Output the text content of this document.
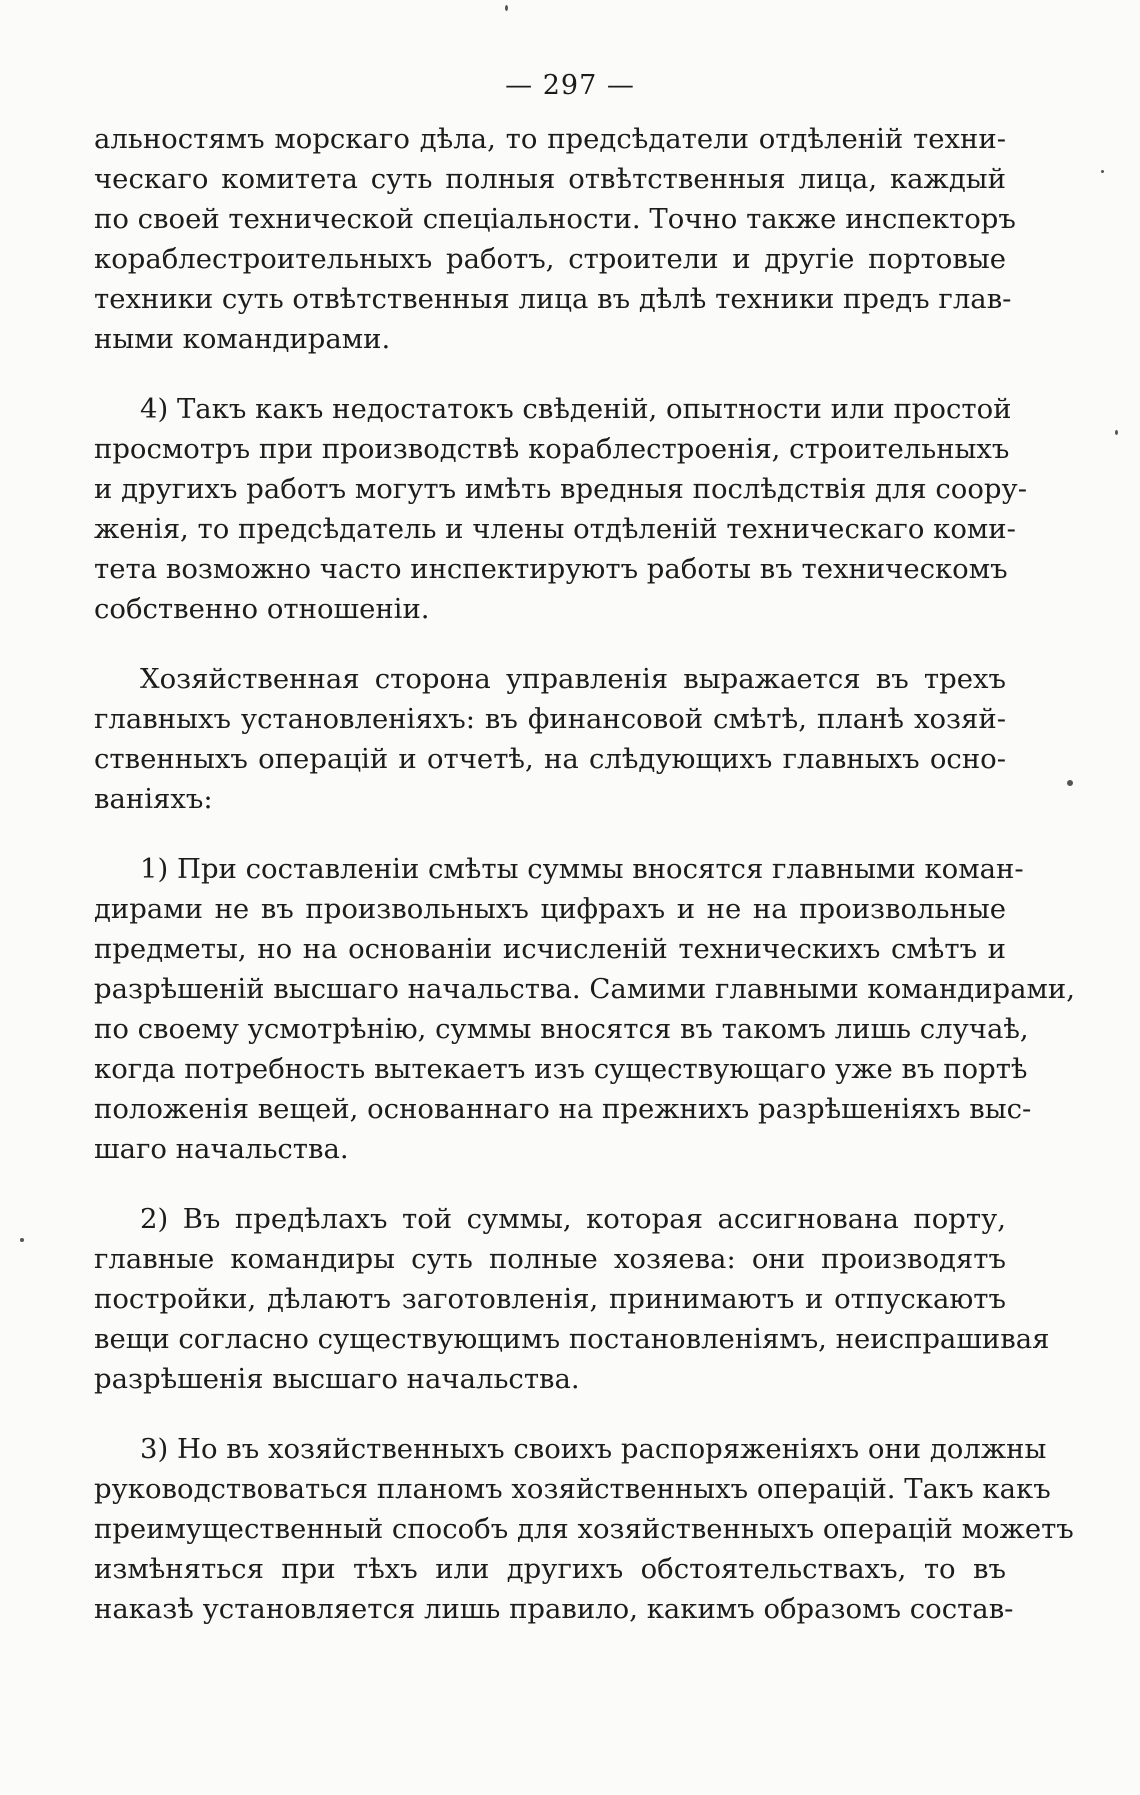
— 297 —
альностямъ морскаго дѣла, то предсѣдатели отдѣленій техни-
ческаго комитета суть полныя отвѣтственныя лица, каждый
по своей технической спеціальности. Точно также инспекторъ
кораблестроительныхъ работъ, строители и другіе портовые
техники суть отвѣтственныя лица въ дѣлѣ техники предъ глав-
ными командирами.
4) Такъ какъ недостатокъ свѣденій, опытности или простой
просмотръ при производствѣ кораблестроенія, строительныхъ
и другихъ работъ могутъ имѣть вредныя послѣдствія для соору-
женія, то предсѣдатель и члены отдѣленій техническаго коми-
тета возможно часто инспектируютъ работы въ техническомъ
собственно отношеніи.
Хозяйственная сторона управленія выражается въ трехъ
главныхъ установленіяхъ: въ финансовой смѣтѣ, планѣ хозяй-
ственныхъ операцій и отчетѣ, на слѣдующихъ главныхъ осно-
ваніяхъ:
1) При составленіи смѣты суммы вносятся главными коман-
дирами не въ произвольныхъ цифрахъ и не на произвольные
предметы, но на основаніи исчисленій техническихъ смѣтъ и
разрѣшеній высшаго начальства. Самими главными командирами,
по своему усмотрѣнію, суммы вносятся въ такомъ лишь случаѣ,
когда потребность вытекаетъ изъ существующаго уже въ портѣ
положенія вещей, основаннаго на прежнихъ разрѣшеніяхъ выс-
шаго начальства.
2) Въ предѣлахъ той суммы, которая ассигнована порту,
главные командиры суть полные хозяева: они производятъ
постройки, дѣлаютъ заготовленія, принимаютъ и отпускаютъ
вещи согласно существующимъ постановленіямъ, неиспрашивая
разрѣшенія высшаго начальства.
3) Но въ хозяйственныхъ своихъ распоряженіяхъ они должны
руководствоваться планомъ хозяйственныхъ операцій. Такъ какъ
преимущественный способъ для хозяйственныхъ операцій можетъ
измѣняться при тѣхъ или другихъ обстоятельствахъ, то въ
наказѣ установляется лишь правило, какимъ образомъ состав-
